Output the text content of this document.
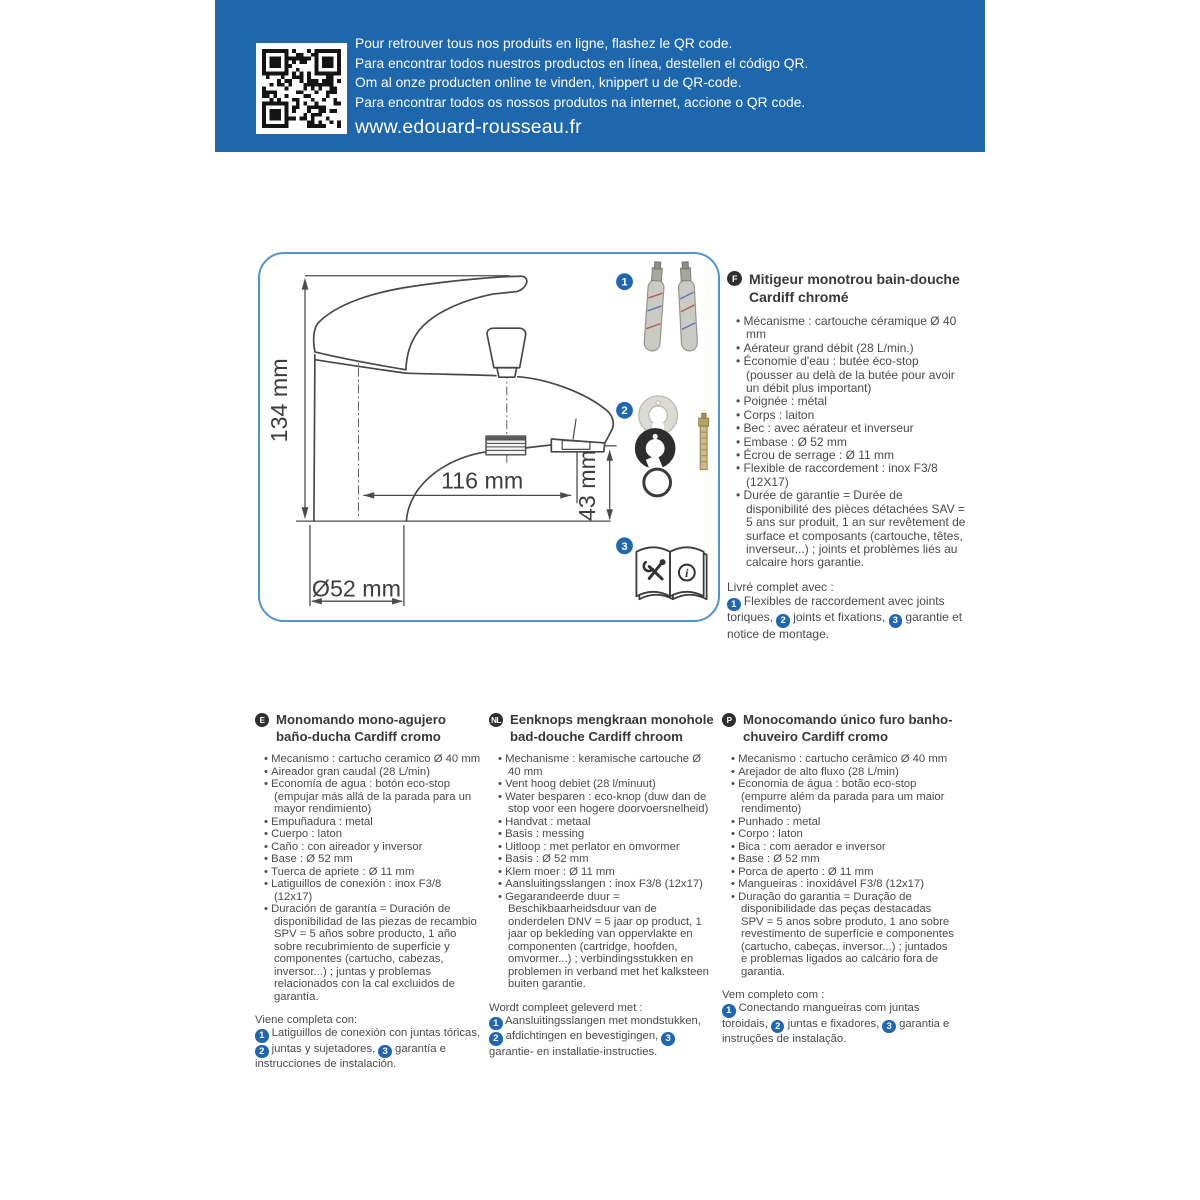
Pour retrouver tous nos produits en ligne, flashez le QR code.
Para encontrar todos nuestros productos en línea, destellen el código QR.
Om al onze producten online te vinden, knippert u de QR-code.
Para encontrar todos os nossos produtos na internet, accione o QR code.
www.edouard-rousseau.fr
134 mm
116 mm 43 mm
Ø52 mm
i
1
2
3
F Mitigeur monotrou bain-douche Cardiff chromé
• Mécanisme : cartouche céramique Ø 40 mm
• Aérateur grand débit (28 L/min.)
• Économie d'eau : butée éco-stop (pousser au delà de la butée pour avoir un débit plus important)
• Poignée : métal
• Corps : laiton
• Bec : avec aérateur et inverseur
• Embase : Ø 52 mm
• Écrou de serrage : Ø 11 mm
• Flexible de raccordement : inox F3/8 (12X17)
• Durée de garantie = Durée de disponibilité des pièces détachées SAV = 5 ans sur produit, 1 an sur revêtement de surface et composants (cartouche, têtes, inverseur...) ; joints et problèmes liés au calcaire hors garantie.
Livré complet avec :
1 Flexibles de raccordement avec joints toriques, 2 joints et fixations, 3 garantie et notice de montage.
E Monomando mono-agujero baño-ducha Cardiff cromo
• Mecanismo : cartucho ceramico Ø 40 mm
• Aireador gran caudal (28 L/min)
• Economía de agua : botón eco-stop (empujar más allá de la parada para un mayor rendimiento)
• Empuñadura : metal
• Cuerpo : laton
• Caño : con aireador y inversor
• Base : Ø 52 mm
• Tuerca de apriete : Ø 11 mm
• Latiguillos de conexión : inox F3/8 (12x17)
• Duración de garantía = Duración de disponibilidad de las piezas de recambio SPV = 5 años sobre producto, 1 año sobre recubrimiento de superficie y componentes (cartucho, cabezas, inversor...) ; juntas y problemas relacionados con la cal excluidos de garantía.
Viene completa con:
1 Latiguillos de conexión con juntas tóricas, 2 juntas y sujetadores, 3 garantía e instrucciones de instalación.
NL Eenknops mengkraan monohole bad-douche Cardiff chroom
• Mechanisme : keramische cartouche Ø 40 mm
• Vent hoog debiet (28 l/minuut)
• Water besparen : eco-knop (duw dan de stop voor een hogere doorvoersnelheid)
• Handvat : metaal
• Basis : messing
• Uitloop : met perlator en omvormer
• Basis : Ø 52 mm
• Klem moer : Ø 11 mm
• Aansluitingsslangen : inox F3/8 (12x17)
• Gegarandeerde duur = Beschikbaarheidsduur van de onderdelen DNV = 5 jaar op product, 1 jaar op bekleding van oppervlakte en componenten (cartridge, hoofden, omvormer...) ; verbindingsstukken en problemen in verband met het kalksteen buiten garantie.
Wordt compleet geleverd met :
1 Aansluitingsslangen met mondstukken, 2 afdichtingen en bevestigingen, 3 garantie- en installatie-instructies.
P Monocomando único furo banho-chuveiro Cardiff cromo
• Mecanismo : cartucho cerâmico Ø 40 mm
• Arejador de alto fluxo (28 L/min)
• Economia de água : botão eco-stop (empurre além da parada para um maior rendimento)
• Punhado : metal
• Corpo : laton
• Bica : com aerador e inversor
• Base : Ø 52 mm
• Porca de aperto : Ø 11 mm
• Mangueiras : inoxidável F3/8 (12x17)
• Duração do garantia = Duração de disponibilidade das peças destacadas SPV = 5 anos sobre produto, 1 ano sobre revestimento de superfície e componentes (cartucho, cabeças, inversor...) ; juntados e problemas ligados ao calcário fora de garantia.
Vem completo com :
1 Conectando mangueiras com juntas toroidais, 2 juntas e fixadores, 3 garantia e instruções de instalação.
